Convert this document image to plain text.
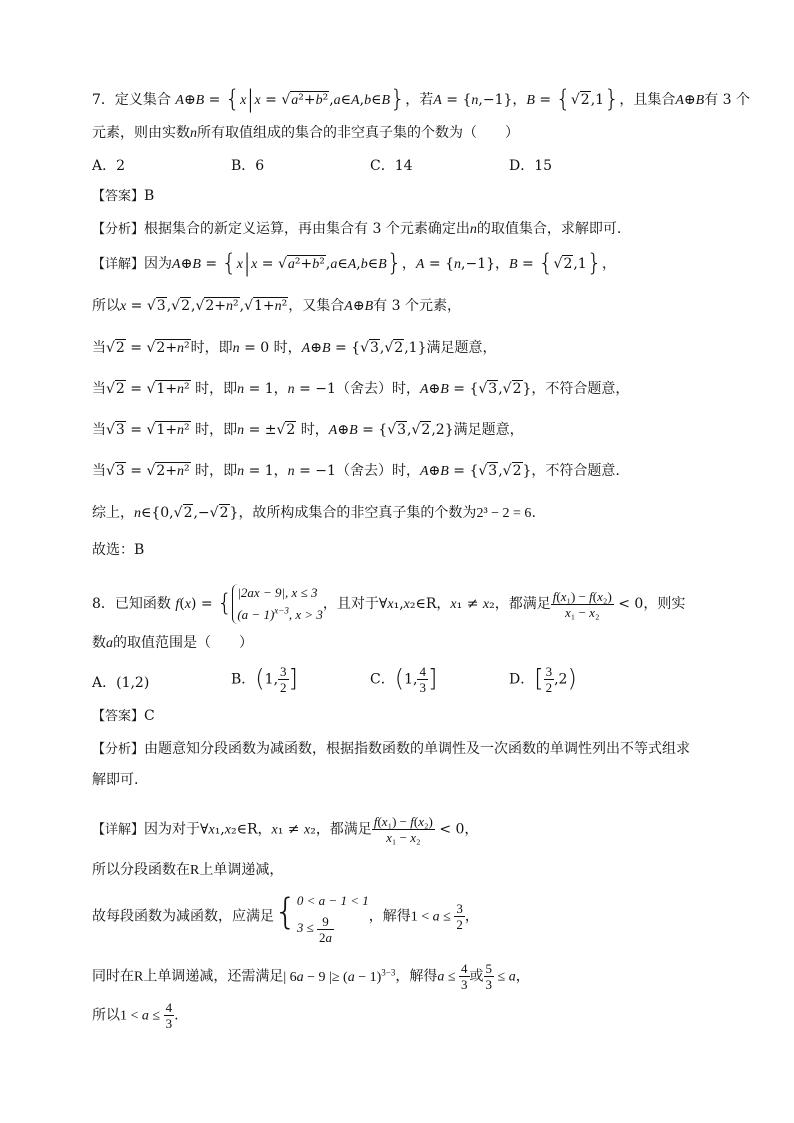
7．定义集合 A⊕B = {x|x = √a²+b²,a∈A,b∈B}，若A = {n,−1}，B = {√2,1}，且集合A⊕B有 3 个
元素，则由实数n所有取值组成的集合的非空真子集的个数为（　　）
A．2	B．6	C．14	D．15
【答案】B
【分析】根据集合的新定义运算，再由集合有 3 个元素确定出n的取值集合，求解即可.
【详解】因为A⊕B = {x|x = √a²+b²,a∈A,b∈B}，A = {n,−1}，B = {√2,1}，
所以x = √3,√2,√2+n²,√1+n²，又集合A⊕B有 3 个元素，
当√2 = √2+n²时，即n = 0 时，A⊕B = {√3,√2,1}满足题意，
当√2 = √1+n² 时，即n = 1，n = −1（舍去）时，A⊕B = {√3,√2}，不符合题意，
当√3 = √1+n² 时，即n = ±√2 时，A⊕B = {√3,√2,2}满足题意，
当√3 = √2+n² 时，即n = 1，n = −1（舍去）时，A⊕B = {√3,√2}，不符合题意.
综上，n∈{0,√2,−√2}，故所构成集合的非空真子集的个数为2³ − 2 = 6.
故选：B
8．已知函数 f(x) = { |2ax − 9|, x ≤ 3
$(a - 1)^{x-3}$, x > 3，且对于∀x₁,x₂∈R，x₁ ≠ x₂，都满足 $\frac{\text{f(x₁) − f(x₂)}}{\text{x₁ − x₂}} < 0$，则实
数a的取值范围是（　　）
A．(1,2)	B．(1, $\frac{3}{2}$ ]	C．(1, $\frac{4}{3}$ ]	D．[ $\frac{3}{2} ,2$)
【答案】C
【分析】由题意知分段函数为减函数，根据指数函数的单调性及一次函数的单调性列出不等式组求
解即可.
【详解】因为对于∀x₁,x₂∈R，x₁ ≠ x₂，都满足 $\frac{\text{f(x₁) − f(x₂)}}{\text{x₁ − x₂}} < 0$，
所以分段函数在R上单调递减，
故每段函数为减函数，应满足{0 < a − 1 < 1
$3 \le \frac{9}{2a}$ ，解得$1 < a \le \frac{3}{2}$ ，
同时在R上单调递减，还需满足| 6a − 9 |≥ $(a - 1)^{3-3}$，解得$a \le \frac{4}{3}$ 或 $\frac{5}{3} \le a$，
所以$1 < a \le \frac{4}{3}$ .
